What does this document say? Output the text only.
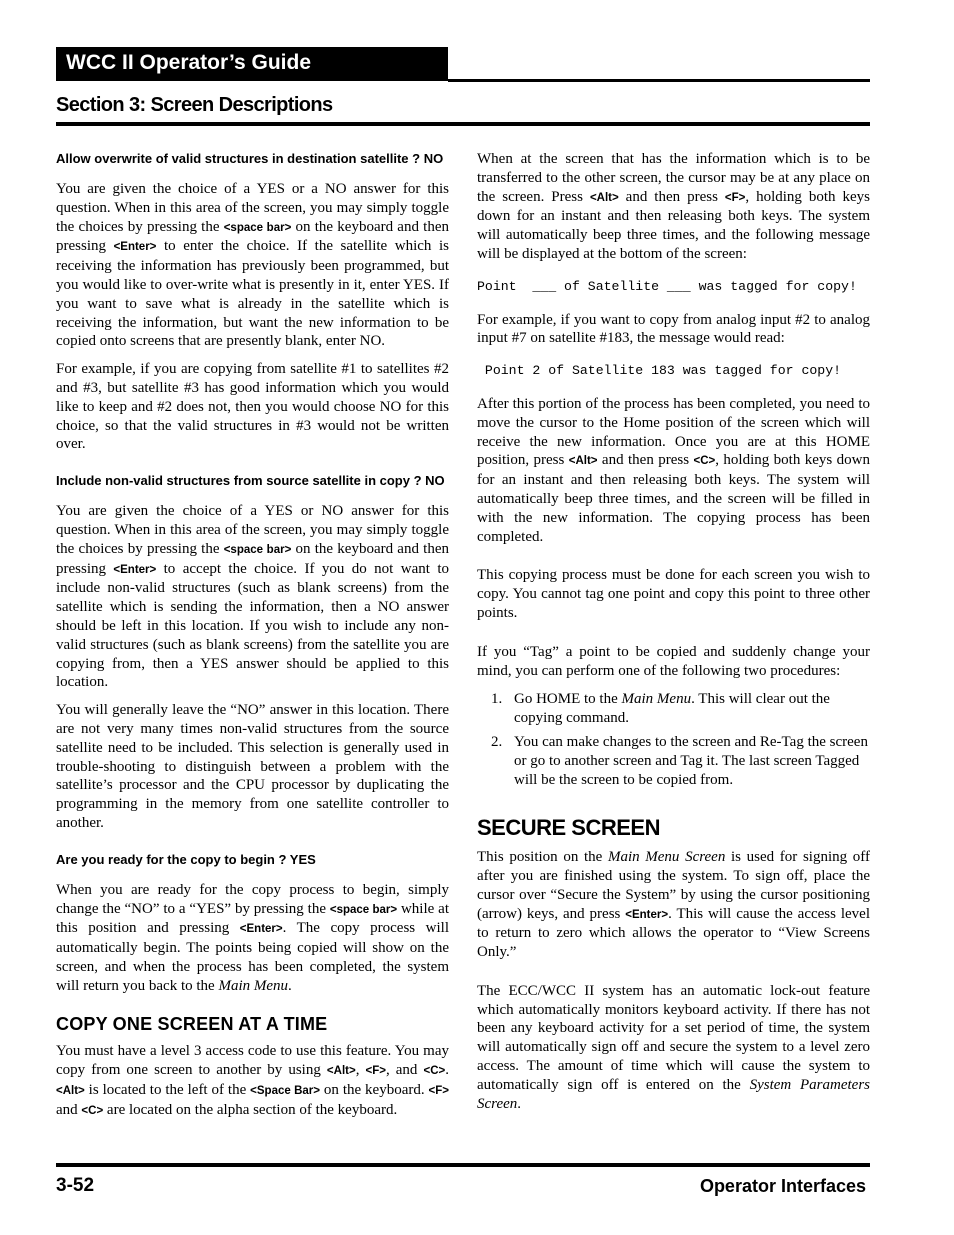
WCC II Operator’s Guide
Section 3: Screen Descriptions
Allow overwrite of valid structures in destination satellite ? NO

You are given the choice of a YES or a NO answer for this question. When in this area of the screen, you may simply toggle the choices by pressing the <space bar> on the keyboard and then pressing <Enter> to enter the choice. If the satellite which is receiving the information has previously been programmed, but you would like to over-write what is presently in it, enter YES. If you want to save what is already in the satellite which is receiving the information, but want the new information to be copied onto screens that are presently blank, enter NO.

For example, if you are copying from satellite #1 to satellites #2 and #3, but satellite #3 has good information which you would like to keep and #2 does not, then you would choose NO for this choice, so that the valid structures in #3 would not be written over.

Include non-valid structures from source satellite in copy ? NO

You are given the choice of a YES or NO answer for this question. When in this area of the screen, you may simply toggle the choices by pressing the <space bar> on the keyboard and then pressing <Enter> to accept the choice. If you do not want to include non-valid structures (such as blank screens) from the satellite which is sending the information, then a NO answer should be left in this location. If you wish to include any non-valid structures (such as blank screens) from the satellite you are copying from, then a YES answer should be applied to this location.

You will generally leave the “NO” answer in this location. There are not very many times non-valid structures from the source satellite need to be included. This selection is generally used in trouble-shooting to distinguish between a problem with the satellite’s processor and the CPU processor by duplicating the programming in the memory from one satellite controller to another.

Are you ready for the copy to begin ? YES

When you are ready for the copy process to begin, simply change the “NO” to a “YES” by pressing the <space bar> while at this position and pressing <Enter>. The copy process will automatically begin. The points being copied will show on the screen, and when the process has been completed, the system will return you back to the Main Menu.

COPY ONE SCREEN AT A TIME

You must have a level 3 access code to use this feature. You may copy from one screen to another by using <Alt>, <F>, and <C>. <Alt> is located to the left of the <Space Bar> on the keyboard. <F> and <C> are located on the alpha section of the keyboard.

When at the screen that has the information which is to be transferred to the other screen, the cursor may be at any place on the screen. Press <Alt> and then press <F>, holding both keys down for an instant and then releasing both keys. The system will automatically beep three times, and the following message will be displayed at the bottom of the screen:

Point  ___ of Satellite ___ was tagged for copy!

For example, if you want to copy from analog input #2 to analog input #7 on satellite #183, the message would read:

Point 2 of Satellite 183 was tagged for copy!

After this portion of the process has been completed, you need to move the cursor to the Home position of the screen which will receive the new information. Once you are at this HOME position, press <Alt> and then press <C>, holding both keys down for an instant and then releasing both keys. The system will automatically beep three times, and the screen will be filled in with the new information. The copying process has been completed.

This copying process must be done for each screen you wish to copy. You cannot tag one point and copy this point to three other points.

If you “Tag” a point to be copied and suddenly change your mind, you can perform one of the following two procedures:

1. Go HOME to the Main Menu. This will clear out the copying command.
2. You can make changes to the screen and Re-Tag the screen or go to another screen and Tag it. The last screen Tagged will be the screen to be copied from.
SECURE SCREEN

This position on the Main Menu Screen is used for signing off after you are finished using the system. To sign off, place the cursor over “Secure the System” by using the cursor positioning (arrow) keys, and press <Enter>. This will cause the access level to return to zero which allows the operator to “View Screens Only.”

The ECC/WCC II system has an automatic lock-out feature which automatically monitors keyboard activity. If there has not been any keyboard activity for a set period of time, the system will automatically sign off and secure the system to a level zero access. The amount of time which will cause the system to automatically sign off is entered on the System Parameters Screen.

3-52	Operator Interfaces
